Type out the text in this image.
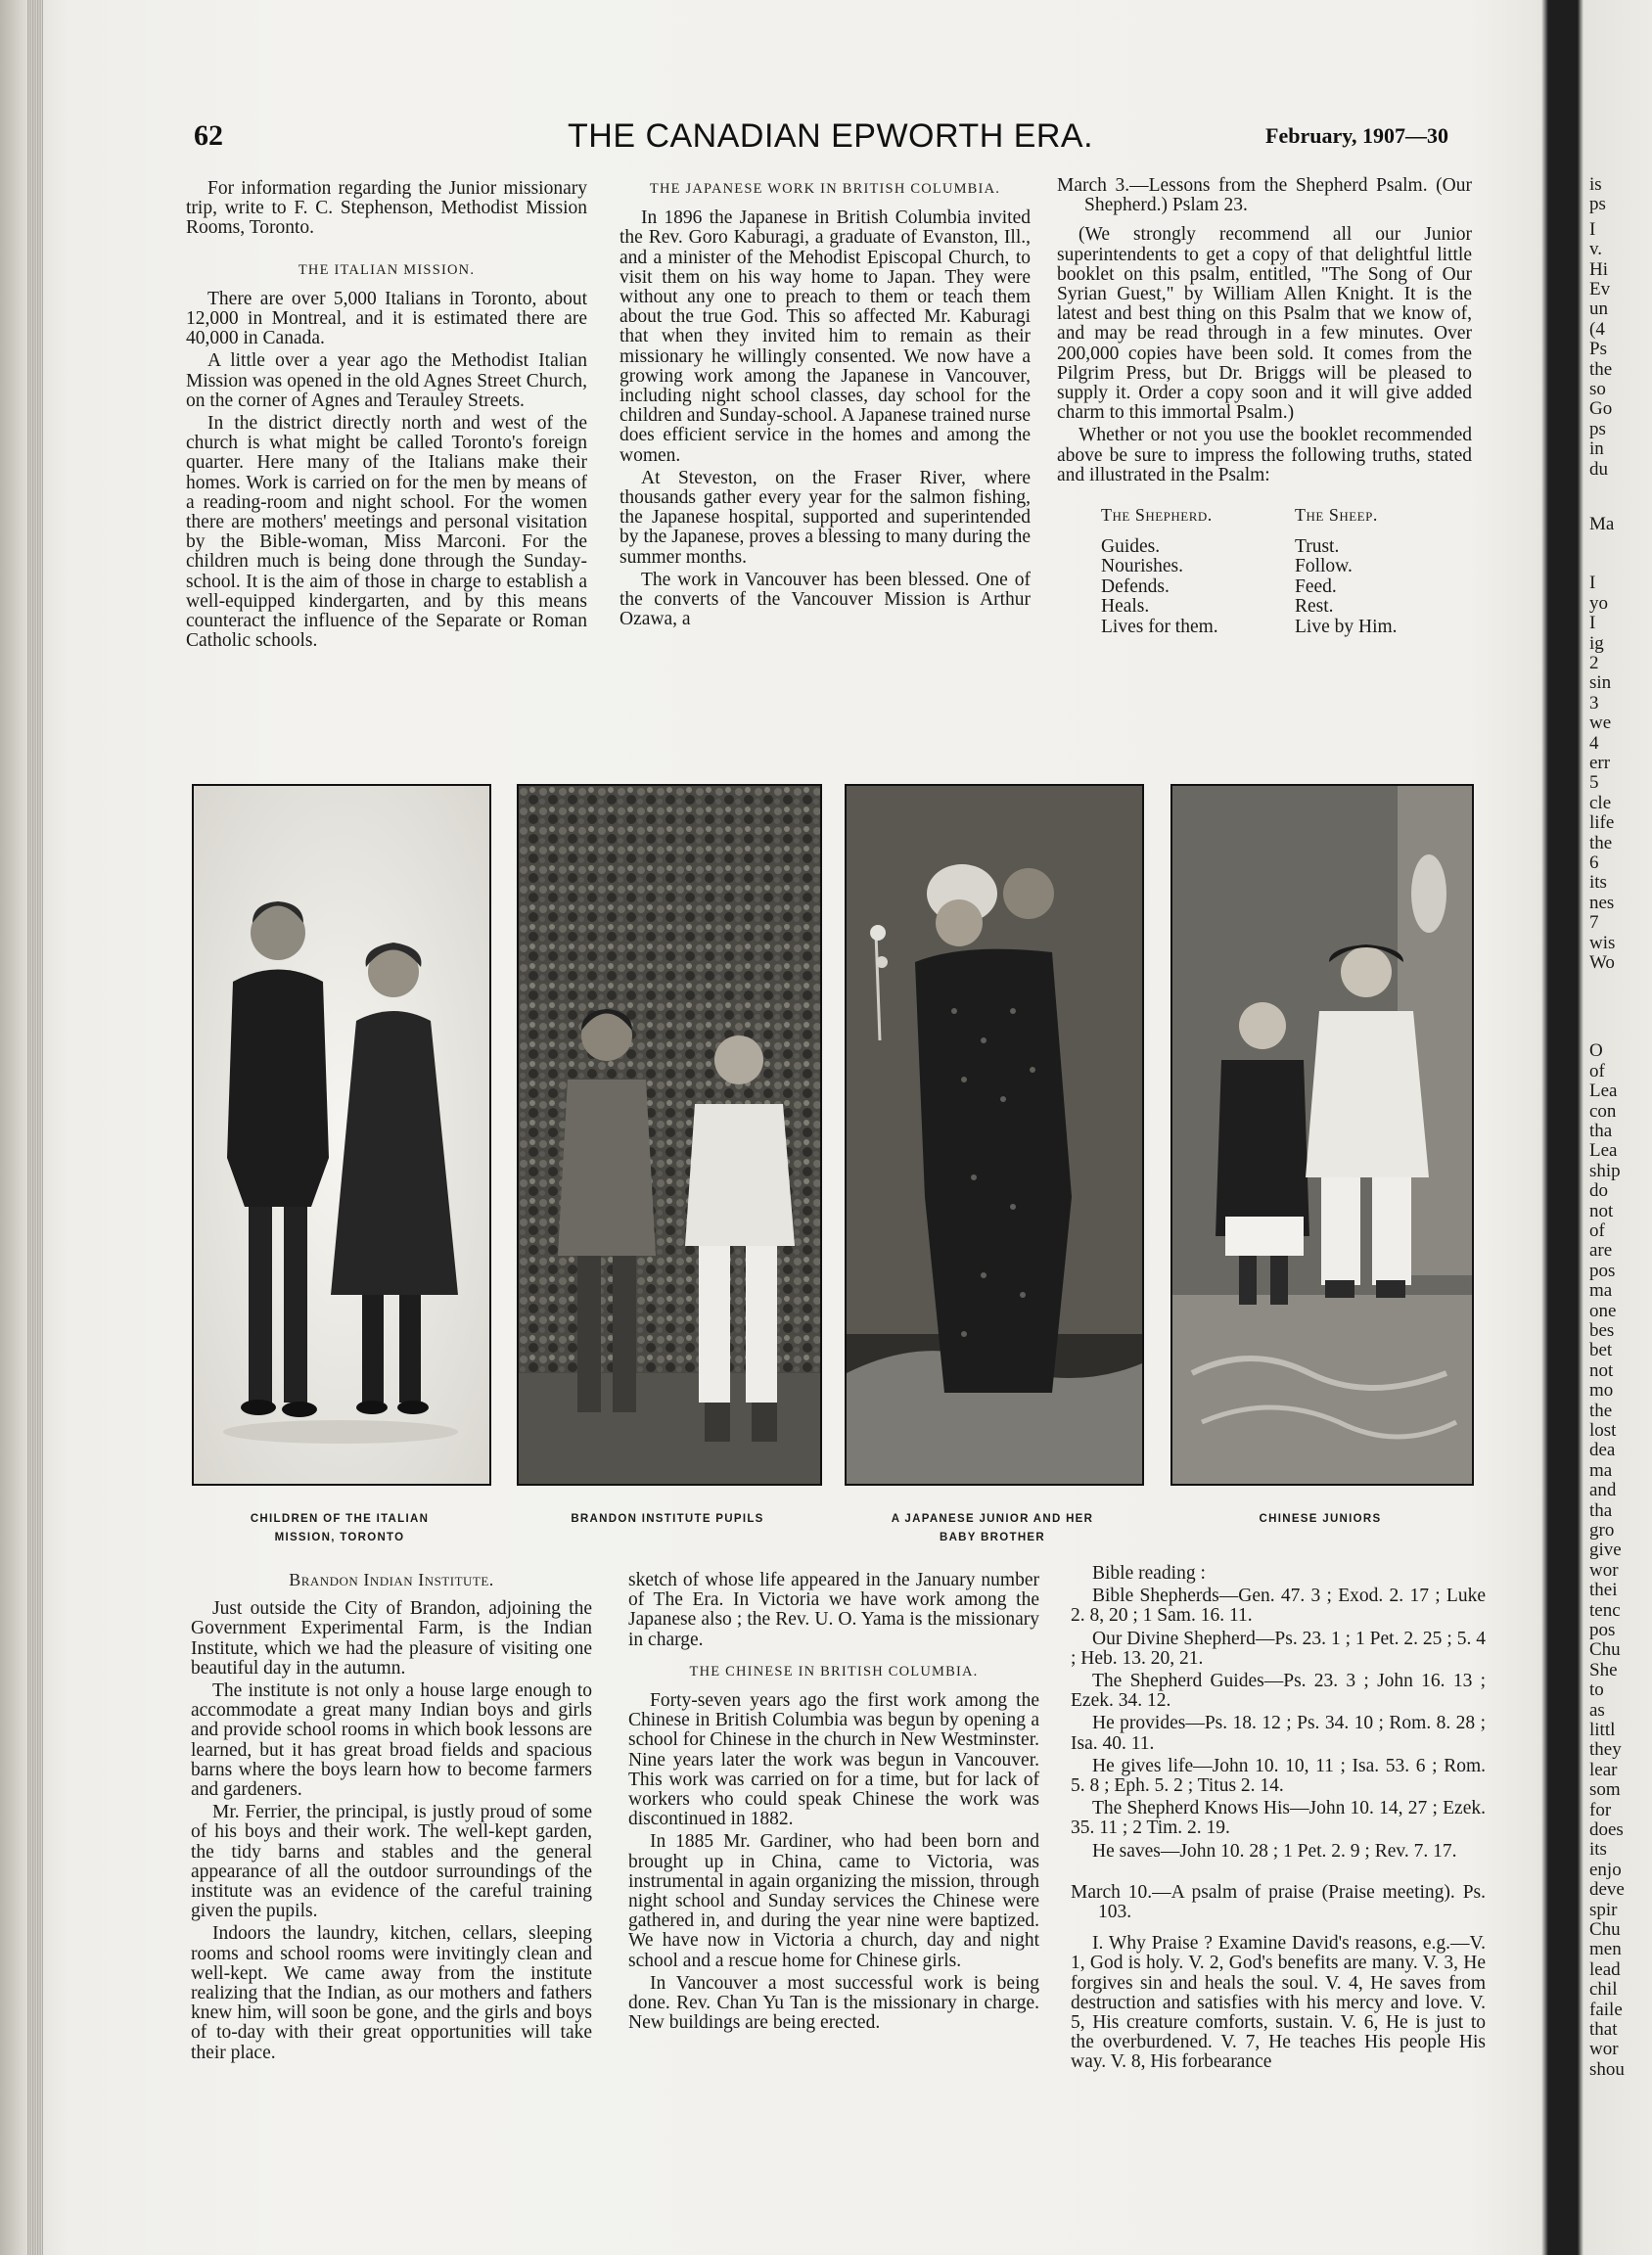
62	THE CANADIAN EPWORTH ERA.	February, 1907—30

For information regarding the Junior missionary trip, write to F. C. Stephenson, Methodist Mission Rooms, Toronto.

THE ITALIAN MISSION.

There are over 5,000 Italians in Toronto, about 12,000 in Montreal, and it is estimated there are 40,000 in Canada.

A little over a year ago the Methodist Italian Mission was opened in the old Agnes Street Church, on the corner of Agnes and Terauley Streets.

In the district directly north and west of the church is what might be called Toronto's foreign quarter. Here many of the Italians make their homes. Work is carried on for the men by means of a reading-room and night school. For the women there are mothers' meetings and personal visitation by the Bible-woman, Miss Marconi. For the children much is being done through the Sunday-school. It is the aim of those in charge to establish a well-equipped kindergarten, and by this means counteract the influence of the Separate or Roman Catholic schools.

THE JAPANESE WORK IN BRITISH COLUMBIA.

In 1896 the Japanese in British Columbia invited the Rev. Goro Kaburagi, a graduate of Evanston, Ill., and a minister of the Mehodist Episcopal Church, to visit them on his way home to Japan. They were without any one to preach to them or teach them about the true God. This so affected Mr. Kaburagi that when they invited him to remain as their missionary he willingly consented. We now have a growing work among the Japanese in Vancouver, including night school classes, day school for the children and Sunday-school. A Japanese trained nurse does efficient service in the homes and among the women.

At Steveston, on the Fraser River, where thousands gather every year for the salmon fishing, the Japanese hospital, supported and superintended by the Japanese, proves a blessing to many during the summer months.

The work in Vancouver has been blessed. One of the converts of the Vancouver Mission is Arthur Ozawa, a

March 3.—Lessons from the Shepherd Psalm. (Our Shepherd.) Pslam 23.

(We strongly recommend all our Junior superintendents to get a copy of that delightful little booklet on this psalm, entitled, "The Song of Our Syrian Guest," by William Allen Knight. It is the latest and best thing on this Psalm that we know of, and may be read through in a few minutes. Over 200,000 copies have been sold. It comes from the Pilgrim Press, but Dr. Briggs will be pleased to supply it. Order a copy soon and it will give added charm to this immortal Psalm.)

Whether or not you use the booklet recommended above be sure to impress the following truths, stated and illustrated in the Psalm:

The Shepherd.	The Sheep.
Guides.	Trust.
Nourishes.	Follow.
Defends.	Feed.
Heals.	Rest.
Lives for them.	Live by Him.
CHILDREN OF THE ITALIAN
MISSION, TORONTO
BRANDON INSTITUTE PUPILS	A JAPANESE JUNIOR AND HER
BABY BROTHER
CHINESE JUNIORS
Brandon Indian Institute.

Just outside the City of Brandon, adjoining the Government Experimental Farm, is the Indian Institute, which we had the pleasure of visiting one beautiful day in the autumn.

The institute is not only a house large enough to accommodate a great many Indian boys and girls and provide school rooms in which book lessons are learned, but it has great broad fields and spacious barns where the boys learn how to become farmers and gardeners.

Mr. Ferrier, the principal, is justly proud of some of his boys and their work. The well-kept garden, the tidy barns and stables and the general appearance of all the outdoor surroundings of the institute was an evidence of the careful training given the pupils.

Indoors the laundry, kitchen, cellars, sleeping rooms and school rooms were invitingly clean and well-kept. We came away from the institute realizing that the Indian, as our mothers and fathers knew him, will soon be gone, and the girls and boys of to-day with their great opportunities will take their place.

sketch of whose life appeared in the January number of The Era. In Victoria we have work among the Japanese also ; the Rev. U. O. Yama is the missionary in charge.

THE CHINESE IN BRITISH COLUMBIA.

Forty-seven years ago the first work among the Chinese in British Columbia was begun by opening a school for Chinese in the church in New Westminster. Nine years later the work was begun in Vancouver. This work was carried on for a time, but for lack of workers who could speak Chinese the work was discontinued in 1882.

In 1885 Mr. Gardiner, who had been born and brought up in China, came to Victoria, was instrumental in again organizing the mission, through night school and Sunday services the Chinese were gathered in, and during the year nine were baptized. We have now in Victoria a church, day and night school and a rescue home for Chinese girls.

In Vancouver a most successful work is being done. Rev. Chan Yu Tan is the missionary in charge. New buildings are being erected.

Bible reading :

Bible Shepherds—Gen. 47. 3 ; Exod. 2. 17 ; Luke 2. 8, 20 ; 1 Sam. 16. 11.

Our Divine Shepherd—Ps. 23. 1 ; 1 Pet. 2. 25 ; 5. 4 ; Heb. 13. 20, 21.

The Shepherd Guides—Ps. 23. 3 ; John 16. 13 ; Ezek. 34. 12.

He provides—Ps. 18. 12 ; Ps. 34. 10 ; Rom. 8. 28 ; Isa. 40. 11.

He gives life—John 10. 10, 11 ; Isa. 53. 6 ; Rom. 5. 8 ; Eph. 5. 2 ; Titus 2. 14.

The Shepherd Knows His—John 10. 14, 27 ; Ezek. 35. 11 ; 2 Tim. 2. 19.

He saves—John 10. 28 ; 1 Pet. 2. 9 ; Rev. 7. 17.

March 10.—A psalm of praise (Praise meeting). Ps. 103.

I. Why Praise ? Examine David's reasons, e.g.—V. 1, God is holy. V. 2, God's benefits are many. V. 3, He forgives sin and heals the soul. V. 4, He saves from destruction and satisfies with his mercy and love. V. 5, His creature comforts, sustain. V. 6, He is just to the overburdened. V. 7, He teaches His people His way. V. 8, His forbearance

is
ps
I
v.
Hi
Ev
un
(4
Ps
the
so
Go
ps
in
du
Ma
I
yo
I
ig
2
sin
3
we
4
err
5
cle
life
the
6
its
nes
7
wis
Wo
O
of
Lea
con
tha
Lea
ship
do
not
of
are
pos
ma
one
bes
bet
not
mo
the
lost
dea
ma
and
tha
gro
give
wor
thei
tenc
pos
Chu
She
to
as
littl
they
lear
som
for
does
its
enjo
deve
spir
Chu
men
lead
chil
faile
that
wor
shou
